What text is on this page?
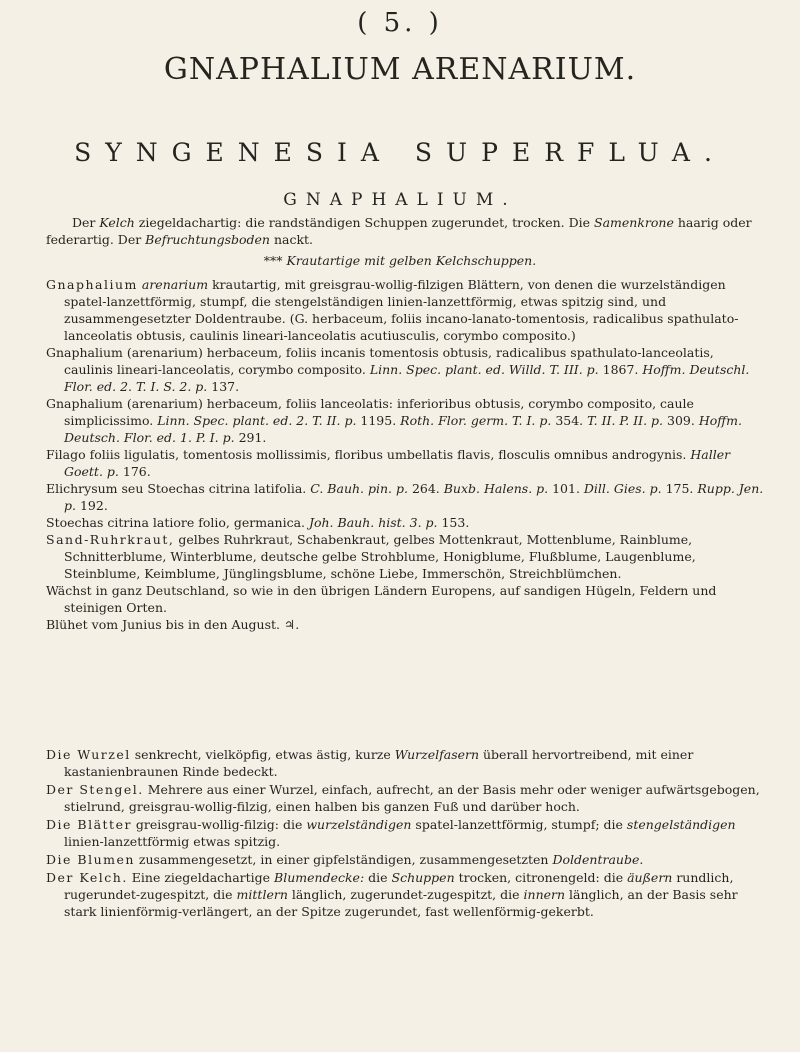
( 5. )
GNAPHALIUM ARENARIUM.
SYNGENESIA SUPERFLUA.
GNAPHALIUM.
Der Kelch ziegeldachartig: die randständigen Schuppen zugerundet, trocken. Die Samenkrone haarig oder federartig. Der Befruchtungsboden nackt.
*** Krautartige mit gelben Kelchschuppen.

Gnaphalium arenarium krautartig, mit greisgrau-wollig-filzigen Blättern, von denen die wurzelständigen spatel-lanzettförmig, stumpf, die stengelständigen linien-lanzettförmig, etwas spitzig sind, und zusammengesetzter Doldentraube. (G. herbaceum, foliis incano-lanato-tomentosis, radicalibus spathulato-lanceolatis obtusis, caulinis lineari-lanceolatis acutiusculis, corymbo composito.)

Gnaphalium (arenarium) herbaceum, foliis incanis tomentosis obtusis, radicalibus spathulato-lanceolatis, caulinis lineari-lanceolatis, corymbo composito. Linn. Spec. plant. ed. Willd. T. III. p. 1867. Hoffm. Deutschl. Flor. ed. 2. T. I. S. 2. p. 137.

Gnaphalium (arenarium) herbaceum, foliis lanceolatis: inferioribus obtusis, corymbo composito, caule simplicissimo. Linn. Spec. plant. ed. 2. T. II. p. 1195. Roth. Flor. germ. T. I. p. 354. T. II. P. II. p. 309. Hoffm. Deutsch. Flor. ed. 1. P. I. p. 291.

Filago foliis ligulatis, tomentosis mollissimis, floribus umbellatis flavis, flosculis omnibus androgynis. Haller Goett. p. 176.

Elichrysum seu Stoechas citrina latifolia. C. Bauh. pin. p. 264. Buxb. Halens. p. 101. Dill. Gies. p. 175. Rupp. Jen. p. 192.

Stoechas citrina latiore folio, germanica. Joh. Bauh. hist. 3. p. 153.

Sand-Ruhrkraut, gelbes Ruhrkraut, Schabenkraut, gelbes Mottenkraut, Mottenblume, Rainblume, Schnitterblume, Winterblume, deutsche gelbe Strohblume, Honigblume, Flußblume, Laugenblume, Steinblume, Keimblume, Jünglingsblume, schöne Liebe, Immerschön, Streichblümchen.

Wächst in ganz Deutschland, so wie in den übrigen Ländern Europens, auf sandigen Hügeln, Feldern und steinigen Orten.

Blühet vom Junius bis in den August. ♃.

Die Wurzel senkrecht, vielköpfig, etwas ästig, kurze Wurzelfasern überall hervortreibend, mit einer kastanienbraunen Rinde bedeckt.

Der Stengel. Mehrere aus einer Wurzel, einfach, aufrecht, an der Basis mehr oder weniger aufwärtsgebogen, stielrund, greisgrau-wollig-filzig, einen halben bis ganzen Fuß und darüber hoch.

Die Blätter greisgrau-wollig-filzig: die wurzelständigen spatel-lanzettförmig, stumpf; die stengelständigen linien-lanzettförmig etwas spitzig.

Die Blumen zusammengesetzt, in einer gipfelständigen, zusammengesetzten Doldentraube.

Der Kelch. Eine ziegeldachartige Blumendecke: die Schuppen trocken, citronengeld: die äußern rundlich, rugerundet-zugespitzt, die mittlern länglich, zugerundet-zugespitzt, die innern länglich, an der Basis sehr stark linienförmig-verlängert, an der Spitze zugerundet, fast wellenförmig-gekerbt.
